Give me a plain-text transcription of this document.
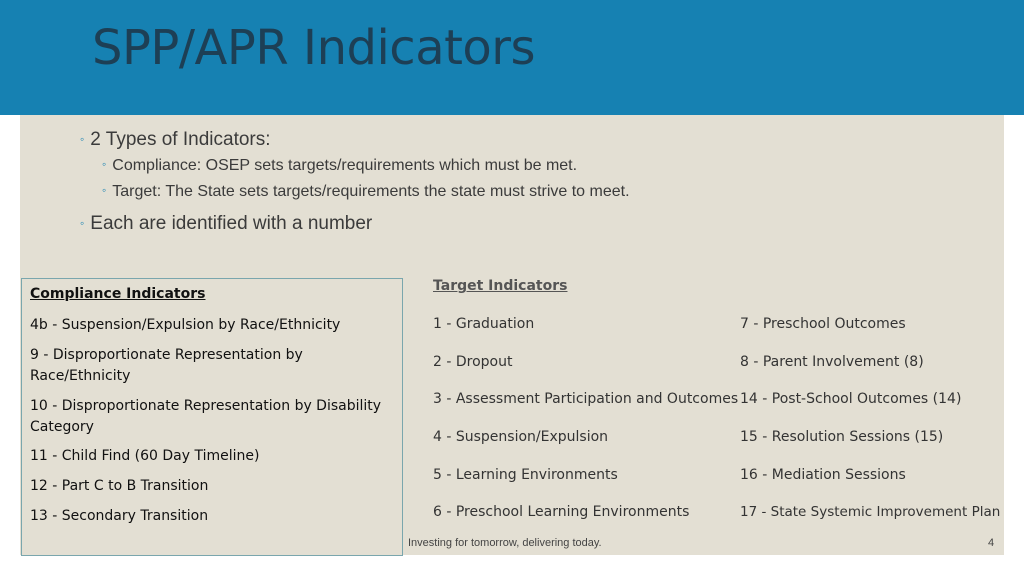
SPP/APR Indicators
◦ 2 Types of Indicators:
◦ Compliance: OSEP sets targets/requirements which must be met.
◦ Target: The State sets targets/requirements the state must strive to meet.
◦ Each are identified with a number
Compliance Indicators
4b - Suspension/Expulsion by Race/Ethnicity
9 - Disproportionate Representation by Race/Ethnicity
10 - Disproportionate Representation by Disability Category
11 - Child Find (60 Day Timeline)
12 - Part C to B Transition
13 - Secondary Transition
Target Indicators
1 - Graduation
2 - Dropout
3 - Assessment Participation and Outcomes
4 - Suspension/Expulsion
5 - Learning Environments
6 - Preschool Learning Environments
7 - Preschool Outcomes
8 - Parent Involvement (8)
14 - Post-School Outcomes (14)
15 - Resolution Sessions (15)
16 - Mediation Sessions
17 - State Systemic Improvement Plan
Investing for tomorrow, delivering today.	4
